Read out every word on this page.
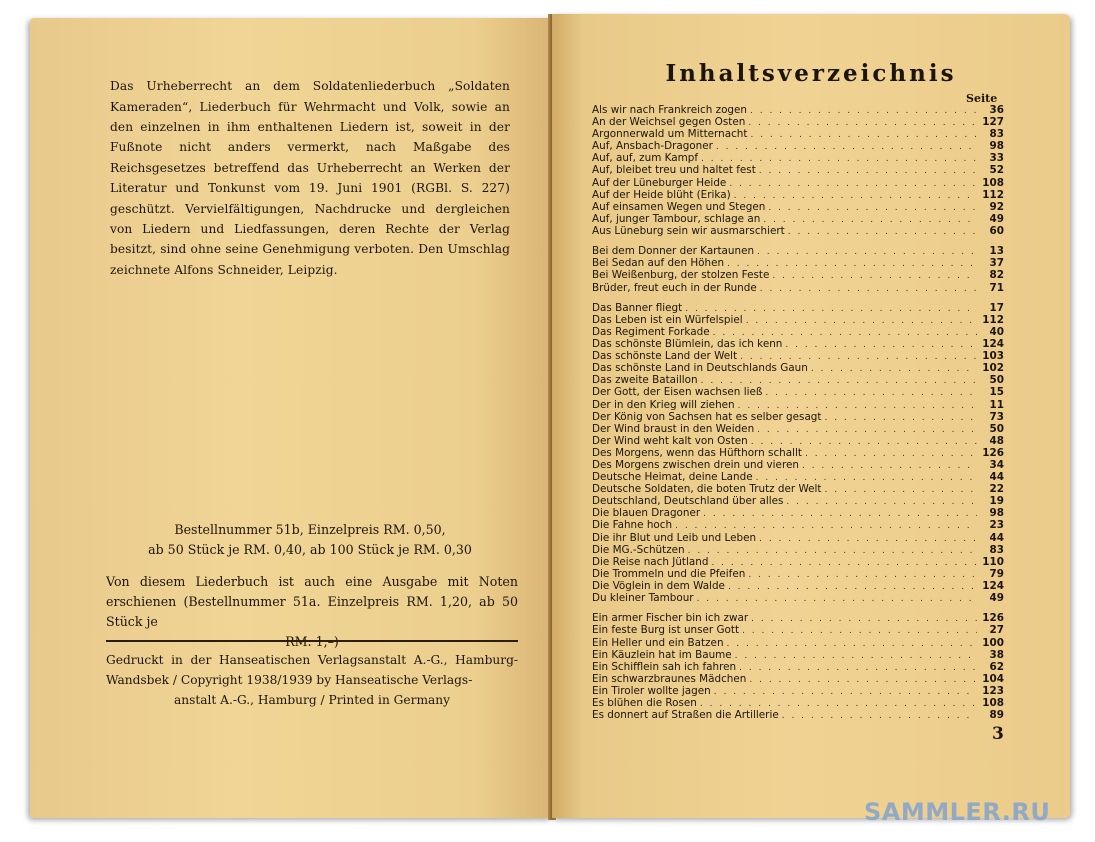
Das Urheberrecht an dem Soldatenliederbuch „Soldaten Kameraden“, Liederbuch für Wehrmacht und Volk, sowie an den einzelnen in ihm enthaltenen Liedern ist, soweit in der Fußnote nicht anders vermerkt, nach Maßgabe des Reichsgesetzes betreffend das Urheberrecht an Werken der Literatur und Tonkunst vom 19. Juni 1901 (RGBl. S. 227) geschützt. Vervielfältigungen, Nachdrucke und dergleichen von Liedern und Liedfassungen, deren Rechte der Verlag besitzt, sind ohne seine Genehmigung verboten. Den Umschlag zeichnete Alfons Schneider, Leipzig.

Bestellnummer 51b, Einzelpreis RM. 0,50,
ab 50 Stück je RM. 0,40, ab 100 Stück je RM. 0,30
Von diesem Liederbuch ist auch eine Ausgabe mit Noten erschienen (Bestellnummer 51a. Einzelpreis RM. 1,20, ab 50 Stück je
RM. 1,–)
Gedruckt in der Hanseatischen Verlagsanstalt A.-G., Hamburg-Wandsbek / Copyright 1938/1939 by Hanseatische Verlags-
anstalt A.-G., Hamburg / Printed in Germany
Inhaltsverzeichnis
Seite
Als wir nach Frankreich zogen . . .	36
An der Weichsel gegen Osten . . .	127
Argonnerwald um Mitternacht . . .	83
Auf, Ansbach-Dragoner . . .	98
Auf, auf, zum Kampf . . .	33
Auf, bleibet treu und haltet fest . . .	52
Auf der Lüneburger Heide . . .	108
Auf der Heide blüht (Erika) . . .	112
Auf einsamen Wegen und Stegen . . .	92
Auf, junger Tambour, schlage an . . .	49
Aus Lüneburg sein wir ausmarschiert . . .	60
Bei dem Donner der Kartaunen . . .	13
Bei Sedan auf den Höhen . . .	37
Bei Weißenburg, der stolzen Feste . . .	82
Brüder, freut euch in der Runde . . .	71
Das Banner fliegt . . .	17
Das Leben ist ein Würfelspiel . . .	112
Das Regiment Forkade . . .	40
Das schönste Blümlein, das ich kenn . . .	124
Das schönste Land der Welt . . .	103
Das schönste Land in Deutschlands Gaun . . .	102
Das zweite Bataillon . . .	50
Der Gott, der Eisen wachsen ließ . . .	15
Der in den Krieg will ziehen . . .	11
Der König von Sachsen hat es selber gesagt . . .	73
Der Wind braust in den Weiden . . .	50
Der Wind weht kalt von Osten . . .	48
Des Morgens, wenn das Hüfthorn schallt . . .	126
Des Morgens zwischen drein und vieren . . .	34
Deutsche Heimat, deine Lande . . .	44
Deutsche Soldaten, die boten Trutz der Welt . . .	22
Deutschland, Deutschland über alles . . .	19
Die blauen Dragoner . . .	98
Die Fahne hoch . . .	23
Die ihr Blut und Leib und Leben . . .	44
Die MG.-Schützen . . .	83
Die Reise nach Jütland . . .	110
Die Trommeln und die Pfeifen . . .	79
Die Vöglein in dem Walde . . .	124
Du kleiner Tambour . . .	49
Ein armer Fischer bin ich zwar . . .	126
Ein feste Burg ist unser Gott . . .	27
Ein Heller und ein Batzen . . .	100
Ein Käuzlein hat im Baume . . .	38
Ein Schifflein sah ich fahren . . .	62
Ein schwarzbraunes Mädchen . . .	104
Ein Tiroler wollte jagen . . .	123
Es blühen die Rosen . . .	108
Es donnert auf Straßen die Artillerie . . .	89
3
SAMMLER.RU
